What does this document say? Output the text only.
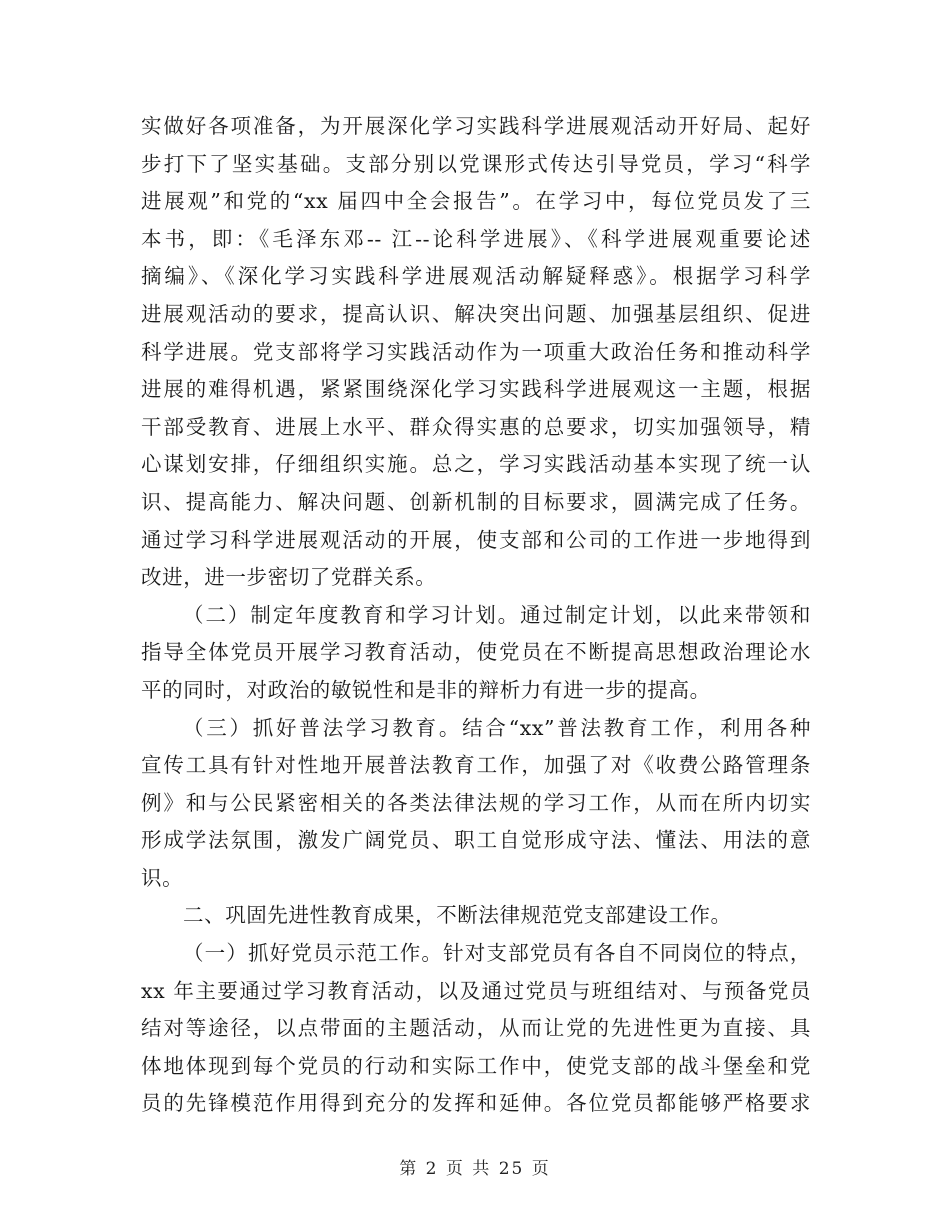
实做好各项准备，为开展深化学习实践科学进展观活动开好局、起好
步打下了坚实基础。支部分别以党课形式传达引导党员，学习“科学
进展观”和党的“xx 届四中全会报告”。在学习中，每位党员发了三
本书，即：《毛泽东邓-- 江--论科学进展》、《科学进展观重要论述
摘编》、《深化学习实践科学进展观活动解疑释惑》。根据学习科学
进展观活动的要求，提高认识、解决突出问题、加强基层组织、促进
科学进展。党支部将学习实践活动作为一项重大政治任务和推动科学
进展的难得机遇，紧紧围绕深化学习实践科学进展观这一主题，根据
干部受教育、进展上水平、群众得实惠的总要求，切实加强领导，精
心谋划安排，仔细组织实施。总之，学习实践活动基本实现了统一认
识、提高能力、解决问题、创新机制的目标要求，圆满完成了任务。
通过学习科学进展观活动的开展，使支部和公司的工作进一步地得到
改进，进一步密切了党群关系。

（二）制定年度教育和学习计划。通过制定计划，以此来带领和
指导全体党员开展学习教育活动，使党员在不断提高思想政治理论水
平的同时，对政治的敏锐性和是非的辩析力有进一步的提高。

（三）抓好普法学习教育。结合“xx”普法教育工作，利用各种
宣传工具有针对性地开展普法教育工作，加强了对《收费公路管理条
例》和与公民紧密相关的各类法律法规的学习工作，从而在所内切实
形成学法氛围，激发广阔党员、职工自觉形成守法、懂法、用法的意
识。

二、巩固先进性教育成果，不断法律规范党支部建设工作。

（一）抓好党员示范工作。针对支部党员有各自不同岗位的特点，
xx 年主要通过学习教育活动，以及通过党员与班组结对、与预备党员
结对等途径，以点带面的主题活动，从而让党的先进性更为直接、具
体地体现到每个党员的行动和实际工作中，使党支部的战斗堡垒和党
员的先锋模范作用得到充分的发挥和延伸。各位党员都能够严格要求

第 2 页 共 25 页
